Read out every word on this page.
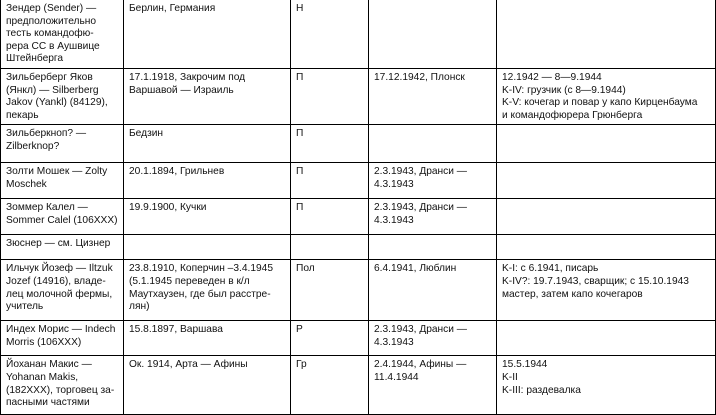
Зендер (Sender) —
предположительно
тесть командофю-
рера СС в Аушвице
Штейнберга	Берлин, Германия	Н		

Зильберберг Яков
(Янкл) — Silberberg
Jakov (Yankl) (84129),
пекарь	17.1.1918, Закрочим под
Варшавой — Израиль	П	17.12.1942, Плонск	12.1942 — 8—9.1944
K-IV: грузчик (с 8—9.1944)
K-V: кочегар и повар у капо Кирценбаума
и командофюрера Грюнберга

Зильберкноп? —
Zilberknop?	Бедзин	П		

Золти Мошек — Zolty
Moschek	20.1.1894, Грильнев	П	2.3.1943, Дранси —
4.3.1943	

Зоммер Калел —
Sommer Calel (106XXX)	19.9.1900, Кучки	П	2.3.1943, Дранси —
4.3.1943	

Зюснер — см. Цизнер				

Ильчук Йозеф — Iltzuk
Jozef (14916), владе-
лец молочной фермы,
учитель	23.8.1910, Коперчин –3.4.1945
(5.1.1945 переведен в к/л
Маутхаузен, где был расстре-
лян)	Пол	6.4.1941, Люблин	K-I: с 6.1941, писарь
K-IV?: 19.7.1943, сварщик; с 15.10.1943
мастер, затем капо кочегаров

Индех Морис — Indech
Morris (106XXX)	15.8.1897, Варшава	Р	2.3.1943, Дранси —
4.3.1943	

Йоханан Макис —
Yohanan Makis,
(182XXX), торговец за-
пасными частями	Ок. 1914, Арта — Афины	Гр	2.4.1944, Афины —
11.4.1944	15.5.1944
K-II
K-III: раздевалка
